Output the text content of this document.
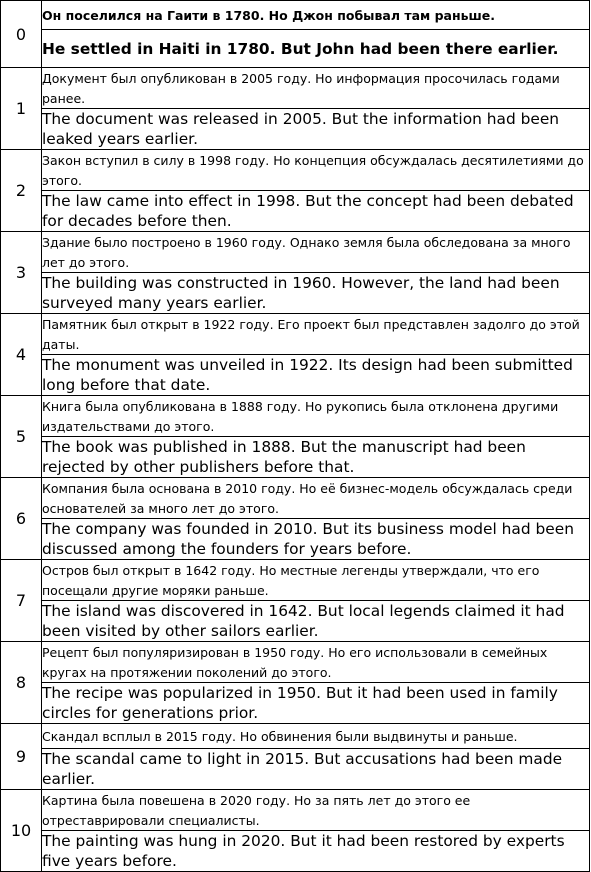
0	Он поселился на Гаити в 1780. Но Джон побывал там раньше.
	He settled in Haiti in 1780. But John had been there earlier.
1	Документ был опубликован в 2005 году. Но информация просочилась годами ранее.
	The document was released in 2005. But the information had been leaked years earlier.
2	Закон вступил в силу в 1998 году. Но концепция обсуждалась десятилетиями до этого.
	The law came into effect in 1998. But the concept had been debated for decades before then.
3	Здание было построено в 1960 году. Однако земля была обследована за много лет до этого.
	The building was constructed in 1960. However, the land had been surveyed many years earlier.
4	Памятник был открыт в 1922 году. Его проект был представлен задолго до этой даты.
	The monument was unveiled in 1922. Its design had been submitted long before that date.
5	Книга была опубликована в 1888 году. Но рукопись была отклонена другими издательствами до этого.
	The book was published in 1888. But the manuscript had been rejected by other publishers before that.
6	Компания была основана в 2010 году. Но её бизнес-модель обсуждалась среди основателей за много лет до этого.
	The company was founded in 2010. But its business model had been discussed among the founders for years before.
7	Остров был открыт в 1642 году. Но местные легенды утверждали, что его посещали другие моряки раньше.
	The island was discovered in 1642. But local legends claimed it had been visited by other sailors earlier.
8	Рецепт был популяризирован в 1950 году. Но его использовали в семейных кругах на протяжении поколений до этого.
	The recipe was popularized in 1950. But it had been used in family circles for generations prior.
9	Скандал всплыл в 2015 году. Но обвинения были выдвинуты и раньше.
	The scandal came to light in 2015. But accusations had been made earlier.
10	Картина была повешена в 2020 году. Но за пять лет до этого ее отреставрировали специалисты.
	The painting was hung in 2020. But it had been restored by experts five years before.
